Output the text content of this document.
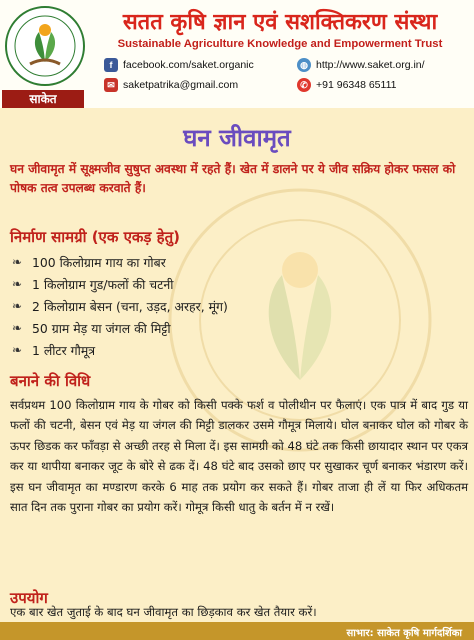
साकेत
सतत कृषि ज्ञान एवं सशक्तिकरण संस्था
Sustainable Agriculture Knowledge and Empowerment Trust
f	facebook.com/saket.organic	◍ http://www.saket.org.in/
✉ saketpatrika@gmail.com	✆ +91 96348 65111
घन जीवामृत
घन जीवामृत में सूक्ष्मजीव सुषुप्त अवस्था में रहते हैं। खेत में डालने पर ये जीव सक्रिय होकर फसल को पोषक तत्व उपलब्ध करवाते हैं।
निर्माण सामग्री (एक एकड़ हेतु)
❧ 100 किलोग्राम गाय का गोबर
❧ 1 किलोग्राम गुड/फलों की चटनी
❧ 2 किलोग्राम बेसन (चना, उड़द, अरहर, मूंग)
❧ 50 ग्राम मेड़ या जंगल की मिट्टी
❧ 1 लीटर गौमूत्र
बनाने की विधि
सर्वप्रथम 100 किलोग्राम गाय के गोबर को किसी पक्के फर्श व पोलीथीन पर फैलाएं। एक पात्र में बाद गुड या फलों की चटनी, बेसन एवं मेड़ या जंगल की मिट्टी डालकर उसमे गौमूत्र मिलाये। घोल बनाकर घोल को गोबर के ऊपर छिडक कर फाँवड़ा से अच्छी तरह से मिला दें। इस सामग्री को 48 घंटे तक किसी छायादार स्थान पर एकत्र कर या थापीया बनाकर जूट के बोरे से ढक दें। 48 घंटे बाद उसको छाए पर सुखाकर चूर्ण बनाकर भंडारण करें। इस घन जीवामृत का मण्डारण करके 6 माह तक प्रयोग कर सकते हैं। गोबर ताजा ही लें या फिर अधिकतम सात दिन तक पुराना गोबर का प्रयोग करें। गोमूत्र किसी धातु के बर्तन में न रखें।
उपयोग
एक बार खेत जुताई के बाद घन जीवामृत का छिड़काव कर खेत तैयार करें।
साभार: साकेत कृषि मार्गदर्शिका
